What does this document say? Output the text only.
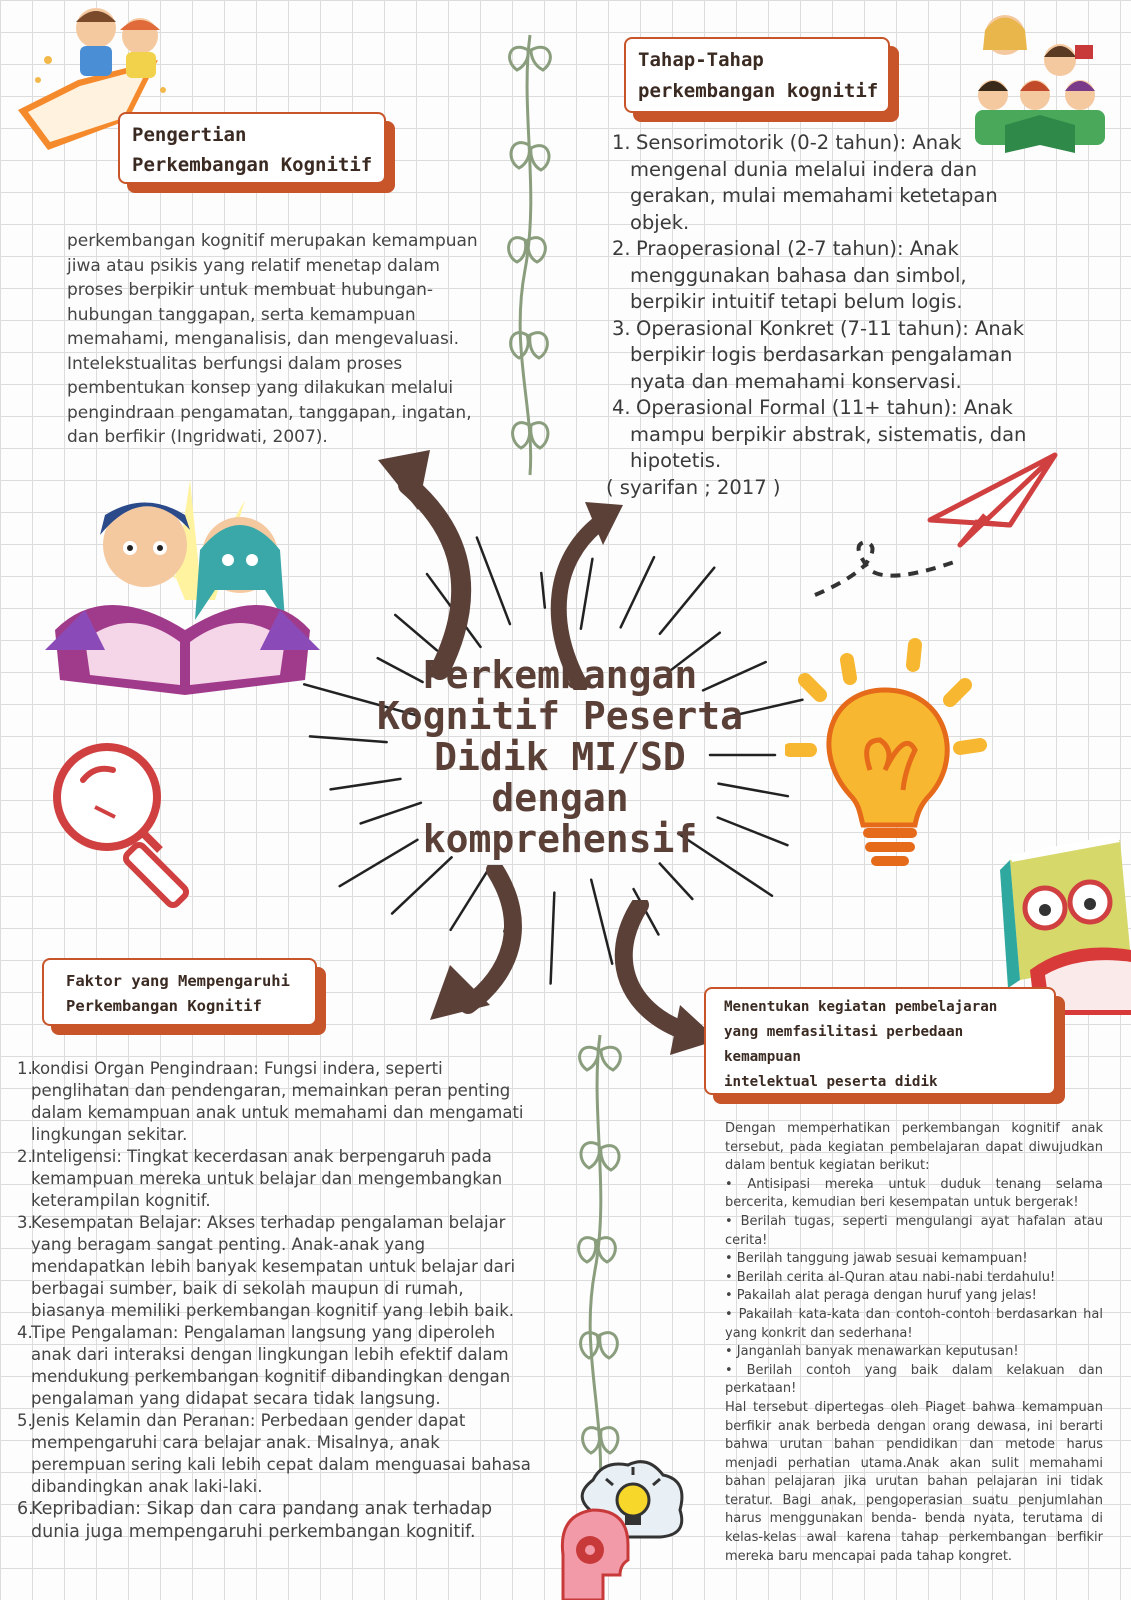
Perkembangan
Kognitif Peserta
Didik MI/SD
dengan
komprehensif
Pengertian
Perkembangan Kognitif

perkembangan kognitif merupakan kemampuan

jiwa atau psikis yang relatif menetap dalam

proses berpikir untuk membuat hubungan-

hubungan tanggapan, serta kemampuan

memahami, menganalisis, dan mengevaluasi.

Intelekstualitas berfungsi dalam proses

pembentukan konsep yang dilakukan melalui

pengindraan pengamatan, tanggapan, ingatan,

dan berfikir (Ingridwati, 2007).

Tahap-Tahap
perkembangan kognitif
1. Sensorimotorik (0-2 tahun): Anak
mengenal dunia melalui indera dan
gerakan, mulai memahami ketetapan
objek.
2. Praoperasional (2-7 tahun): Anak
menggunakan bahasa dan simbol,
berpikir intuitif tetapi belum logis.
3. Operasional Konkret (7-11 tahun): Anak
berpikir logis berdasarkan pengalaman
nyata dan memahami konservasi.
4. Operasional Formal (11+ tahun): Anak
mampu berpikir abstrak, sistematis, dan
hipotetis.
( syarifan ; 2017 )
Faktor yang Mempengaruhi
Perkembangan Kognitif
1.
kondisi Organ Pengindraan: Fungsi indera, seperti
penglihatan dan pendengaran, memainkan peran penting
dalam kemampuan anak untuk memahami dan mengamati
lingkungan sekitar.
2.
Inteligensi: Tingkat kecerdasan anak berpengaruh pada
kemampuan mereka untuk belajar dan mengembangkan
keterampilan kognitif.
3.
Kesempatan Belajar: Akses terhadap pengalaman belajar
yang beragam sangat penting. Anak-anak yang
mendapatkan lebih banyak kesempatan untuk belajar dari
berbagai sumber, baik di sekolah maupun di rumah,
biasanya memiliki perkembangan kognitif yang lebih baik.
4.
Tipe Pengalaman: Pengalaman langsung yang diperoleh
anak dari interaksi dengan lingkungan lebih efektif dalam
mendukung perkembangan kognitif dibandingkan dengan
pengalaman yang didapat secara tidak langsung.
5.
Jenis Kelamin dan Peranan: Perbedaan gender dapat
mempengaruhi cara belajar anak. Misalnya, anak
perempuan sering kali lebih cepat dalam menguasai bahasa
dibandingkan anak laki-laki.
6.
Kepribadian: Sikap dan cara pandang anak terhadap
dunia juga mempengaruhi perkembangan kognitif.
Menentukan kegiatan pembelajaran
yang memfasilitasi perbedaan
kemampuan
intelektual peserta didik
Dengan memperhatikan perkembangan kognitif anak tersebut, pada kegiatan pembelajaran dapat diwujudkan dalam bentuk kegiatan berikut:
• Antisipasi mereka untuk duduk tenang selama bercerita, kemudian beri kesempatan untuk bergerak!
• Berilah tugas, seperti mengulangi ayat hafalan atau cerita!
• Berilah tanggung jawab sesuai kemampuan!
• Berilah cerita al-Quran atau nabi-nabi terdahulu!
• Pakailah alat peraga dengan huruf yang jelas!
• Pakailah kata-kata dan contoh-contoh berdasarkan hal yang konkrit dan sederhana!
• Janganlah banyak menawarkan keputusan!
• Berilah contoh yang baik dalam kelakuan dan perkataan!
Hal tersebut dipertegas oleh Piaget bahwa kemampuan berfikir anak berbeda dengan orang dewasa, ini berarti bahwa urutan bahan pendidikan dan metode harus menjadi perhatian utama.Anak akan sulit memahami bahan pelajaran jika urutan bahan pelajaran ini tidak teratur. Bagi anak, pengoperasian suatu penjumlahan harus menggunakan benda- benda nyata, terutama di kelas-kelas awal karena tahap perkembangan berfikir mereka baru mencapai pada tahap kongret.
